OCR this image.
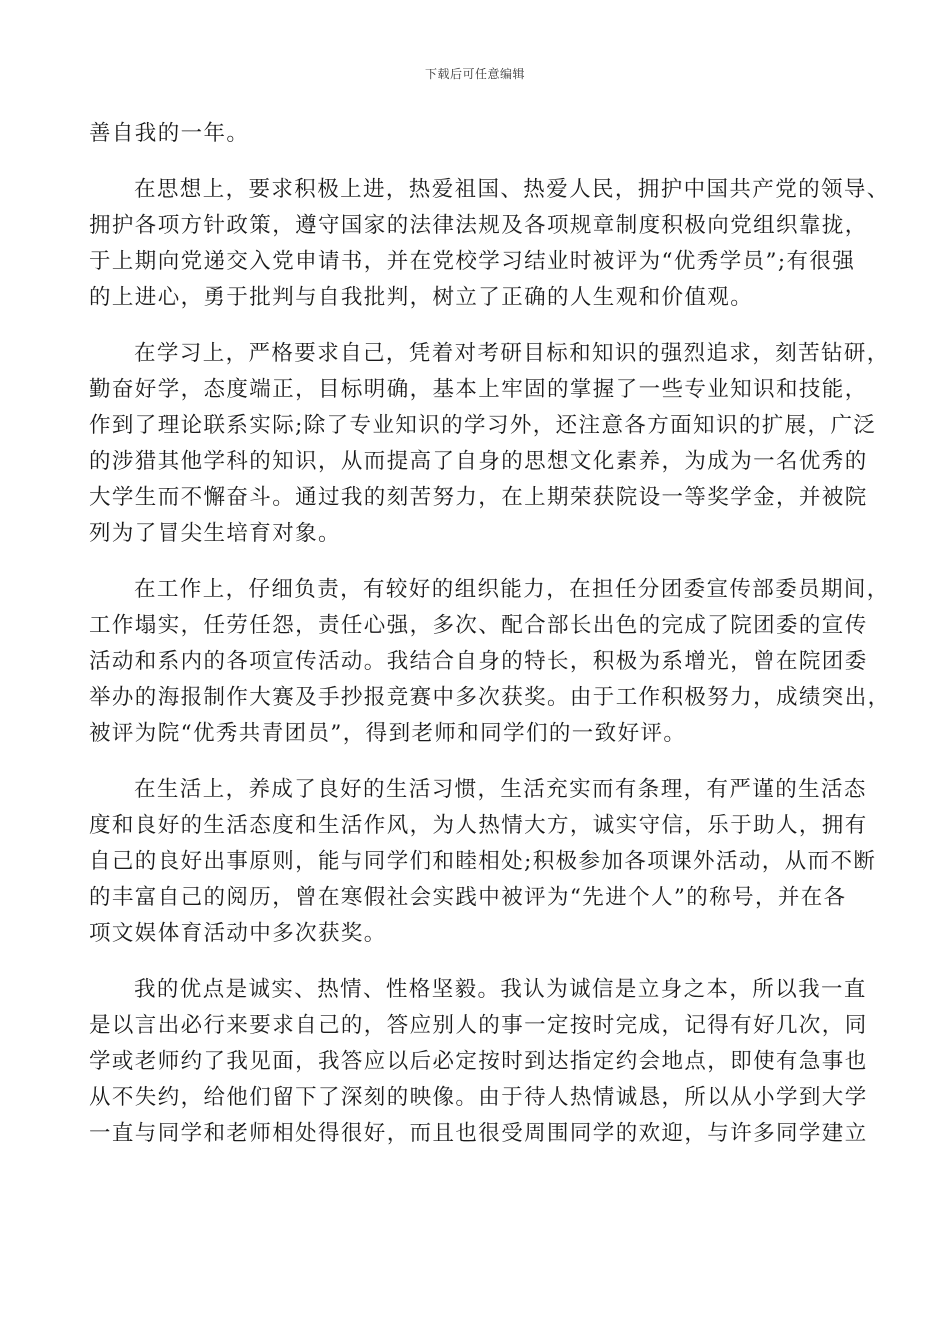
下载后可任意编辑

善自我的一年。

在思想上，要求积极上进，热爱祖国、热爱人民，拥护中国共产党的领导、
拥护各项方针政策，遵守国家的法律法规及各项规章制度积极向党组织靠拢，
于上期向党递交入党申请书，并在党校学习结业时被评为“优秀学员”;有很强
的上进心，勇于批判与自我批判，树立了正确的人生观和价值观。

在学习上，严格要求自己，凭着对考研目标和知识的强烈追求，刻苦钻研，
勤奋好学，态度端正，目标明确，基本上牢固的掌握了一些专业知识和技能，
作到了理论联系实际;除了专业知识的学习外，还注意各方面知识的扩展，广泛
的涉猎其他学科的知识，从而提高了自身的思想文化素养，为成为一名优秀的
大学生而不懈奋斗。通过我的刻苦努力，在上期荣获院设一等奖学金，并被院
列为了冒尖生培育对象。

在工作上，仔细负责，有较好的组织能力，在担任分团委宣传部委员期间，
工作塌实，任劳任怨，责任心强，多次、配合部长出色的完成了院团委的宣传
活动和系内的各项宣传活动。我结合自身的特长，积极为系增光，曾在院团委
举办的海报制作大赛及手抄报竞赛中多次获奖。由于工作积极努力，成绩突出，
被评为院“优秀共青团员”，得到老师和同学们的一致好评。

在生活上，养成了良好的生活习惯，生活充实而有条理，有严谨的生活态
度和良好的生活态度和生活作风，为人热情大方，诚实守信，乐于助人，拥有
自己的良好出事原则，能与同学们和睦相处;积极参加各项课外活动，从而不断
的丰富自己的阅历，曾在寒假社会实践中被评为“先进个人”的称号，并在各
项文娱体育活动中多次获奖。

我的优点是诚实、热情、性格坚毅。我认为诚信是立身之本，所以我一直
是以言出必行来要求自己的，答应别人的事一定按时完成，记得有好几次，同
学或老师约了我见面，我答应以后必定按时到达指定约会地点，即使有急事也
从不失约，给他们留下了深刻的映像。由于待人热情诚恳，所以从小学到大学
一直与同学和老师相处得很好，而且也很受周围同学的欢迎，与许多同学建立
